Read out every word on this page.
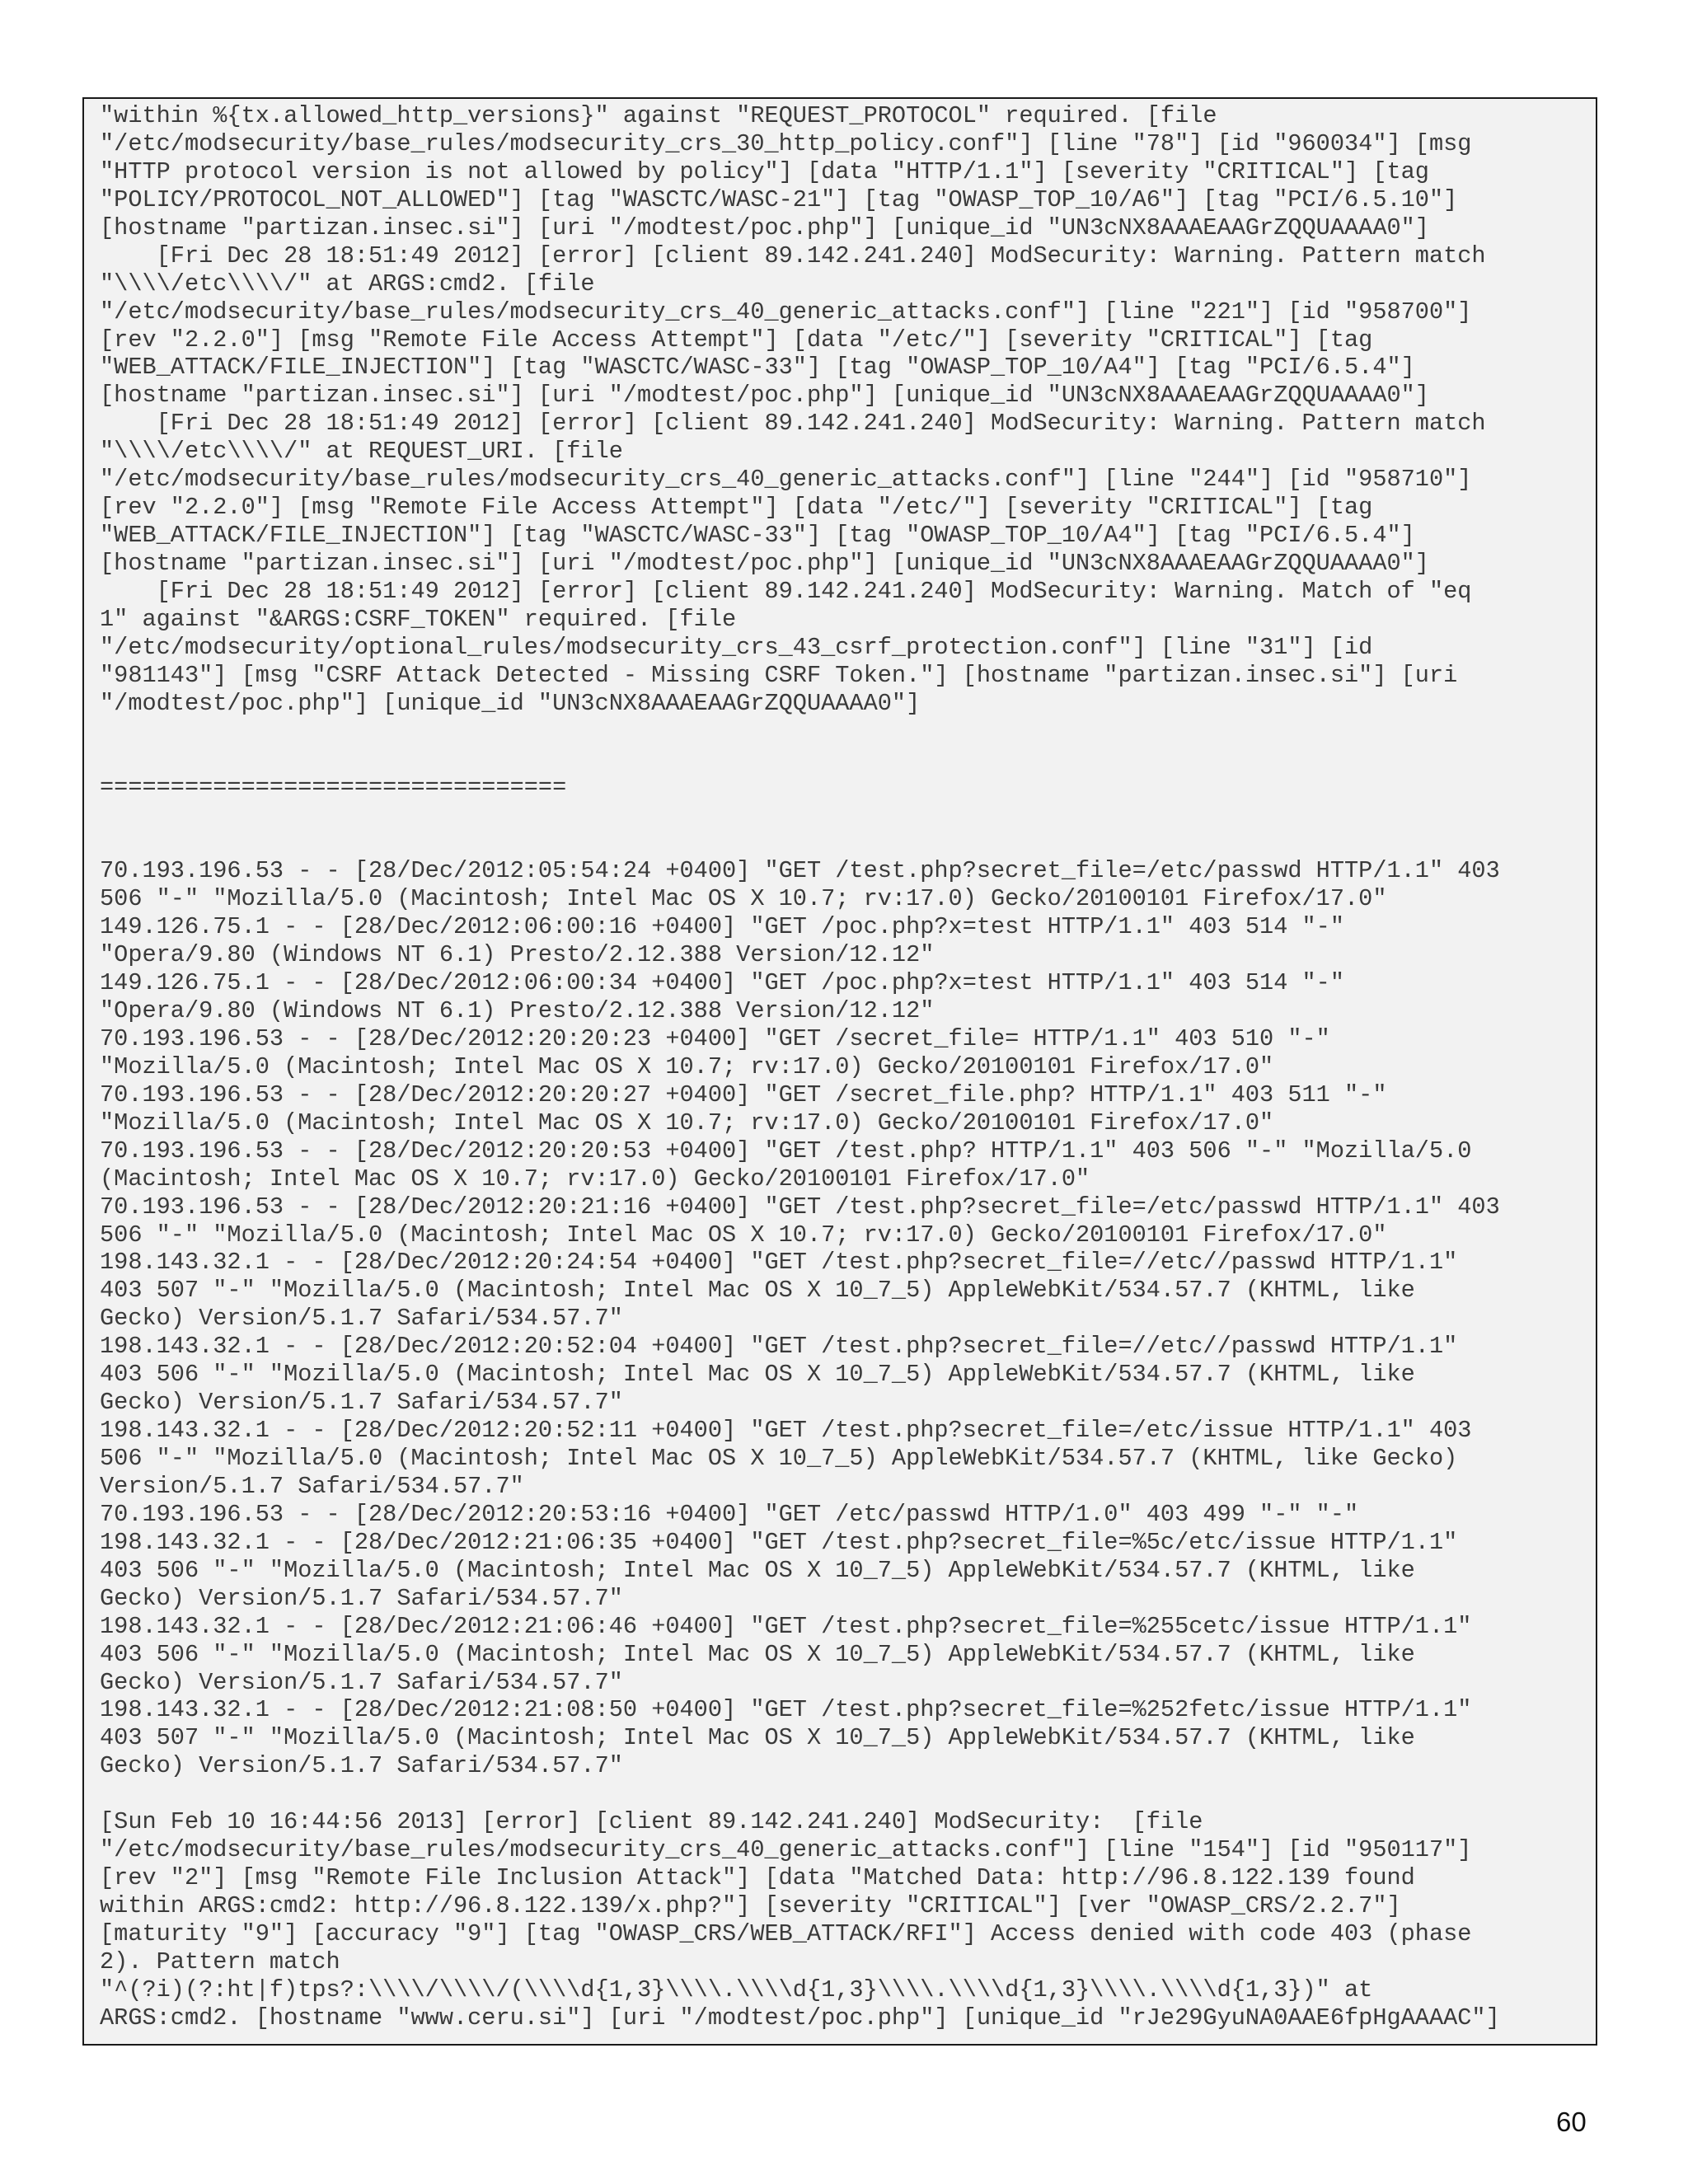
"within %{tx.allowed_http_versions}" against "REQUEST_PROTOCOL" required. [file
"/etc/modsecurity/base_rules/modsecurity_crs_30_http_policy.conf"] [line "78"] [id "960034"] [msg
"HTTP protocol version is not allowed by policy"] [data "HTTP/1.1"] [severity "CRITICAL"] [tag
"POLICY/PROTOCOL_NOT_ALLOWED"] [tag "WASCTC/WASC-21"] [tag "OWASP_TOP_10/A6"] [tag "PCI/6.5.10"]
[hostname "partizan.insec.si"] [uri "/modtest/poc.php"] [unique_id "UN3cNX8AAAEAAGrZQQUAAAA0"]
[Fri Dec 28 18:51:49 2012] [error] [client 89.142.241.240] ModSecurity: Warning. Pattern match
"\\\\/etc\\\\/" at ARGS:cmd2. [file
"/etc/modsecurity/base_rules/modsecurity_crs_40_generic_attacks.conf"] [line "221"] [id "958700"]
[rev "2.2.0"] [msg "Remote File Access Attempt"] [data "/etc/"] [severity "CRITICAL"] [tag
"WEB_ATTACK/FILE_INJECTION"] [tag "WASCTC/WASC-33"] [tag "OWASP_TOP_10/A4"] [tag "PCI/6.5.4"]
[hostname "partizan.insec.si"] [uri "/modtest/poc.php"] [unique_id "UN3cNX8AAAEAAGrZQQUAAAA0"]
[Fri Dec 28 18:51:49 2012] [error] [client 89.142.241.240] ModSecurity: Warning. Pattern match
"\\\\/etc\\\\/" at REQUEST_URI. [file
"/etc/modsecurity/base_rules/modsecurity_crs_40_generic_attacks.conf"] [line "244"] [id "958710"]
[rev "2.2.0"] [msg "Remote File Access Attempt"] [data "/etc/"] [severity "CRITICAL"] [tag
"WEB_ATTACK/FILE_INJECTION"] [tag "WASCTC/WASC-33"] [tag "OWASP_TOP_10/A4"] [tag "PCI/6.5.4"]
[hostname "partizan.insec.si"] [uri "/modtest/poc.php"] [unique_id "UN3cNX8AAAEAAGrZQQUAAAA0"]
[Fri Dec 28 18:51:49 2012] [error] [client 89.142.241.240] ModSecurity: Warning. Match of "eq
1" against "&ARGS:CSRF_TOKEN" required. [file
"/etc/modsecurity/optional_rules/modsecurity_crs_43_csrf_protection.conf"] [line "31"] [id
"981143"] [msg "CSRF Attack Detected - Missing CSRF Token."] [hostname "partizan.insec.si"] [uri
"/modtest/poc.php"] [unique_id "UN3cNX8AAAEAAGrZQQUAAAA0"]

=================================

70.193.196.53 - - [28/Dec/2012:05:54:24 +0400] "GET /test.php?secret_file=/etc/passwd HTTP/1.1" 403
506 "-" "Mozilla/5.0 (Macintosh; Intel Mac OS X 10.7; rv:17.0) Gecko/20100101 Firefox/17.0"
149.126.75.1 - - [28/Dec/2012:06:00:16 +0400] "GET /poc.php?x=test HTTP/1.1" 403 514 "-"
"Opera/9.80 (Windows NT 6.1) Presto/2.12.388 Version/12.12"
149.126.75.1 - - [28/Dec/2012:06:00:34 +0400] "GET /poc.php?x=test HTTP/1.1" 403 514 "-"
"Opera/9.80 (Windows NT 6.1) Presto/2.12.388 Version/12.12"
70.193.196.53 - - [28/Dec/2012:20:20:23 +0400] "GET /secret_file= HTTP/1.1" 403 510 "-"
"Mozilla/5.0 (Macintosh; Intel Mac OS X 10.7; rv:17.0) Gecko/20100101 Firefox/17.0"
70.193.196.53 - - [28/Dec/2012:20:20:27 +0400] "GET /secret_file.php? HTTP/1.1" 403 511 "-"
"Mozilla/5.0 (Macintosh; Intel Mac OS X 10.7; rv:17.0) Gecko/20100101 Firefox/17.0"
70.193.196.53 - - [28/Dec/2012:20:20:53 +0400] "GET /test.php? HTTP/1.1" 403 506 "-" "Mozilla/5.0
(Macintosh; Intel Mac OS X 10.7; rv:17.0) Gecko/20100101 Firefox/17.0"
70.193.196.53 - - [28/Dec/2012:20:21:16 +0400] "GET /test.php?secret_file=/etc/passwd HTTP/1.1" 403
506 "-" "Mozilla/5.0 (Macintosh; Intel Mac OS X 10.7; rv:17.0) Gecko/20100101 Firefox/17.0"
198.143.32.1 - - [28/Dec/2012:20:24:54 +0400] "GET /test.php?secret_file=//etc//passwd HTTP/1.1"
403 507 "-" "Mozilla/5.0 (Macintosh; Intel Mac OS X 10_7_5) AppleWebKit/534.57.7 (KHTML, like
Gecko) Version/5.1.7 Safari/534.57.7"
198.143.32.1 - - [28/Dec/2012:20:52:04 +0400] "GET /test.php?secret_file=//etc//passwd HTTP/1.1"
403 506 "-" "Mozilla/5.0 (Macintosh; Intel Mac OS X 10_7_5) AppleWebKit/534.57.7 (KHTML, like
Gecko) Version/5.1.7 Safari/534.57.7"
198.143.32.1 - - [28/Dec/2012:20:52:11 +0400] "GET /test.php?secret_file=/etc/issue HTTP/1.1" 403
506 "-" "Mozilla/5.0 (Macintosh; Intel Mac OS X 10_7_5) AppleWebKit/534.57.7 (KHTML, like Gecko)
Version/5.1.7 Safari/534.57.7"
70.193.196.53 - - [28/Dec/2012:20:53:16 +0400] "GET /etc/passwd HTTP/1.0" 403 499 "-" "-"
198.143.32.1 - - [28/Dec/2012:21:06:35 +0400] "GET /test.php?secret_file=%5c/etc/issue HTTP/1.1"
403 506 "-" "Mozilla/5.0 (Macintosh; Intel Mac OS X 10_7_5) AppleWebKit/534.57.7 (KHTML, like
Gecko) Version/5.1.7 Safari/534.57.7"
198.143.32.1 - - [28/Dec/2012:21:06:46 +0400] "GET /test.php?secret_file=%255cetc/issue HTTP/1.1"
403 506 "-" "Mozilla/5.0 (Macintosh; Intel Mac OS X 10_7_5) AppleWebKit/534.57.7 (KHTML, like
Gecko) Version/5.1.7 Safari/534.57.7"
198.143.32.1 - - [28/Dec/2012:21:08:50 +0400] "GET /test.php?secret_file=%252fetc/issue HTTP/1.1"
403 507 "-" "Mozilla/5.0 (Macintosh; Intel Mac OS X 10_7_5) AppleWebKit/534.57.7 (KHTML, like
Gecko) Version/5.1.7 Safari/534.57.7"

[Sun Feb 10 16:44:56 2013] [error] [client 89.142.241.240] ModSecurity:  [file
"/etc/modsecurity/base_rules/modsecurity_crs_40_generic_attacks.conf"] [line "154"] [id "950117"]
[rev "2"] [msg "Remote File Inclusion Attack"] [data "Matched Data: http://96.8.122.139 found
within ARGS:cmd2: http://96.8.122.139/x.php?"] [severity "CRITICAL"] [ver "OWASP_CRS/2.2.7"]
[maturity "9"] [accuracy "9"] [tag "OWASP_CRS/WEB_ATTACK/RFI"] Access denied with code 403 (phase
2). Pattern match
"^(?i)(?:ht|f)tps?:\\\\/\\\\/(\\\\d{1,3}\\\\.\\\\d{1,3}\\\\.\\\\d{1,3}\\\\.\\\\d{1,3})" at
ARGS:cmd2. [hostname "www.ceru.si"] [uri "/modtest/poc.php"] [unique_id "rJe29GyuNA0AAE6fpHgAAAAC"]
60
